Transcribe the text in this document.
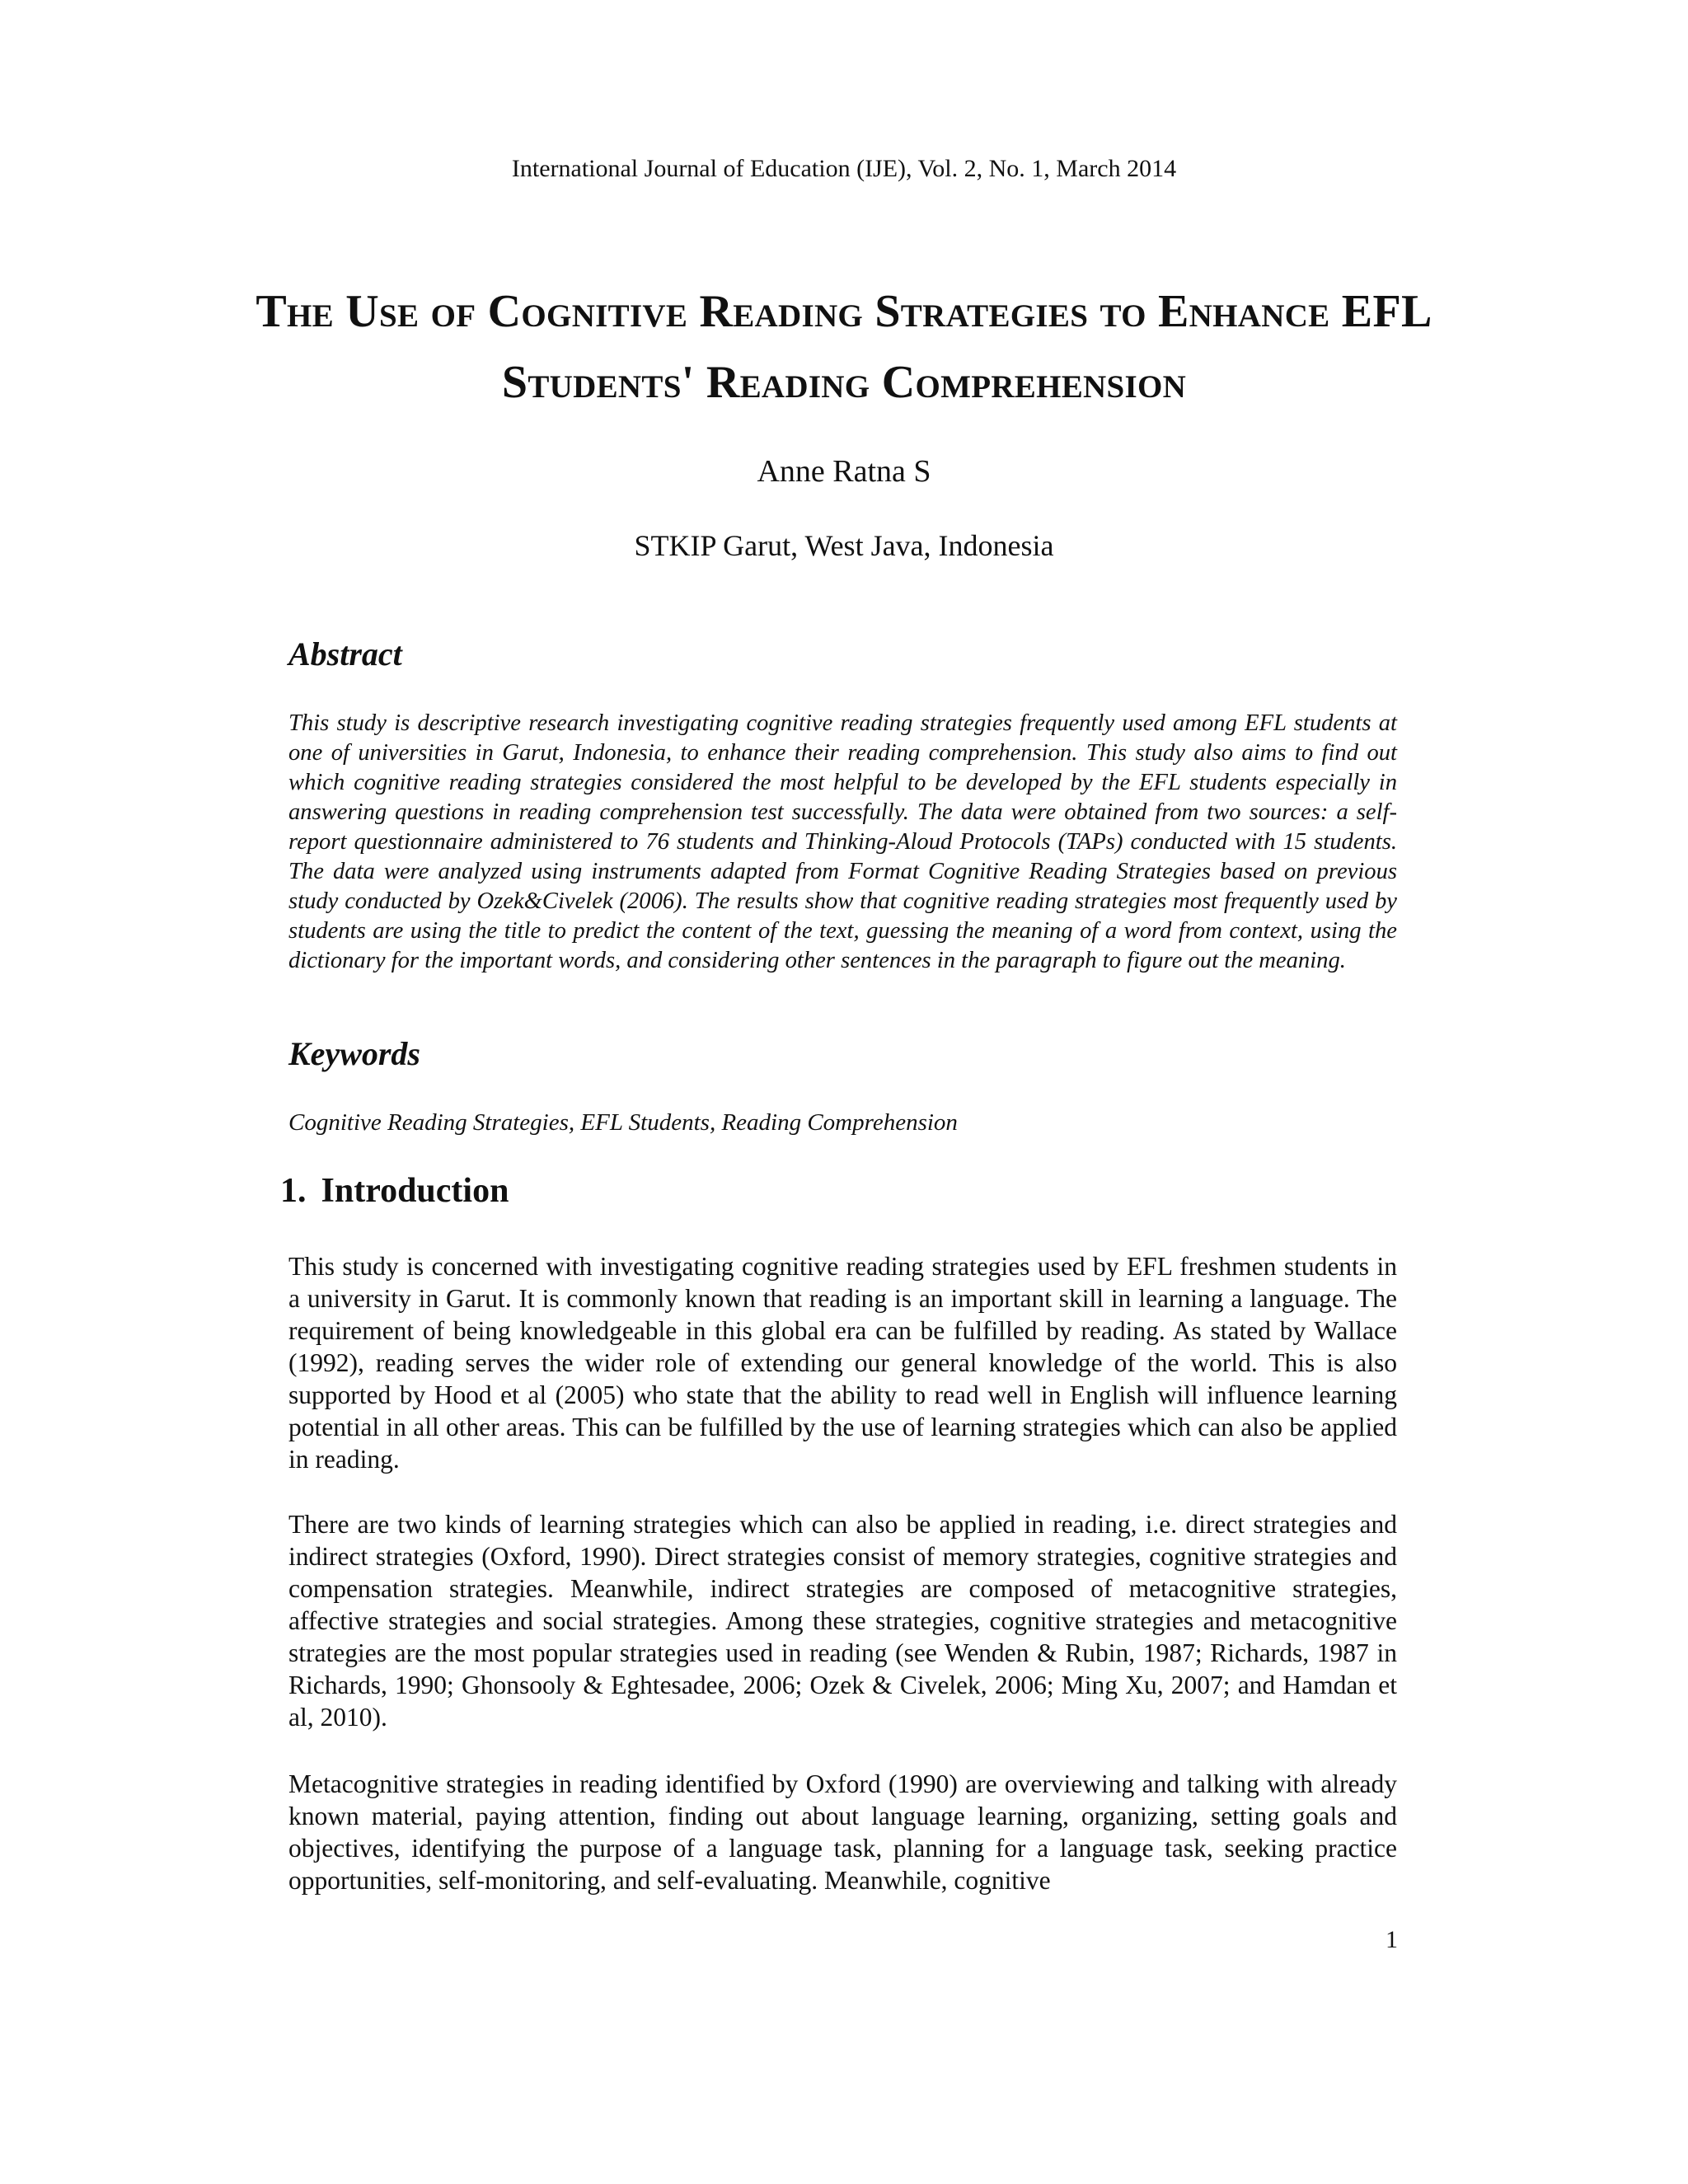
International Journal of Education (IJE), Vol. 2, No. 1, March 2014
The Use of Cognitive Reading Strategies to Enhance EFL Students' Reading Comprehension
Anne Ratna S
STKIP Garut, West Java, Indonesia
Abstract

This study is descriptive research investigating cognitive reading strategies frequently used among EFL students at one of universities in Garut, Indonesia, to enhance their reading comprehension. This study also aims to find out which cognitive reading strategies considered the most helpful to be developed by the EFL students especially in answering questions in reading comprehension test successfully. The data were obtained from two sources: a self-report questionnaire administered to 76 students and Thinking-Aloud Protocols (TAPs) conducted with 15 students. The data were analyzed using instruments adapted from Format Cognitive Reading Strategies based on previous study conducted by Ozek&Civelek (2006). The results show that cognitive reading strategies most frequently used by students are using the title to predict the content of the text, guessing the meaning of a word from context, using the dictionary for the important words, and considering other sentences in the paragraph to figure out the meaning.

Keywords

Cognitive Reading Strategies, EFL Students, Reading Comprehension

1. Introduction

This study is concerned with investigating cognitive reading strategies used by EFL freshmen students in a university in Garut. It is commonly known that reading is an important skill in learning a language. The requirement of being knowledgeable in this global era can be fulfilled by reading. As stated by Wallace (1992), reading serves the wider role of extending our general knowledge of the world. This is also supported by Hood et al (2005) who state that the ability to read well in English will influence learning potential in all other areas. This can be fulfilled by the use of learning strategies which can also be applied in reading.

There are two kinds of learning strategies which can also be applied in reading, i.e. direct strategies and indirect strategies (Oxford, 1990). Direct strategies consist of memory strategies, cognitive strategies and compensation strategies. Meanwhile, indirect strategies are composed of metacognitive strategies, affective strategies and social strategies. Among these strategies, cognitive strategies and metacognitive strategies are the most popular strategies used in reading (see Wenden & Rubin, 1987; Richards, 1987 in Richards, 1990; Ghonsooly & Eghtesadee, 2006; Ozek & Civelek, 2006; Ming Xu, 2007; and Hamdan et al, 2010).

Metacognitive strategies in reading identified by Oxford (1990) are overviewing and talking with already known material, paying attention, finding out about language learning, organizing, setting goals and objectives, identifying the purpose of a language task, planning for a language task, seeking practice opportunities, self-monitoring, and self-evaluating. Meanwhile, cognitive

1
